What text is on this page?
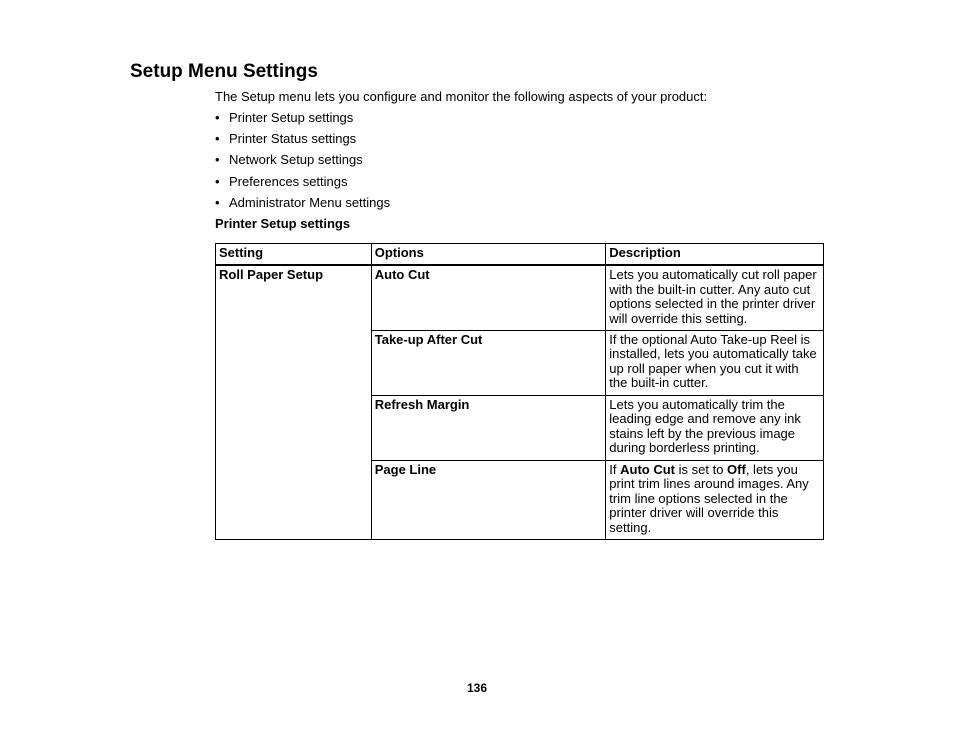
Setup Menu Settings
The Setup menu lets you configure and monitor the following aspects of your product:
• Printer Setup settings
• Printer Status settings
• Network Setup settings
• Preferences settings
• Administrator Menu settings
Printer Setup settings
Setting	Options	Description
Roll Paper Setup	Auto Cut	Lets you automatically cut roll paper with the built-in cutter. Any auto cut options selected in the printer driver will override this setting.
	Take-up After Cut	If the optional Auto Take-up Reel is installed, lets you automatically take up roll paper when you cut it with the built-in cutter.
	Refresh Margin	Lets you automatically trim the leading edge and remove any ink stains left by the previous image during borderless printing.
	Page Line	If Auto Cut is set to Off, lets you print trim lines around images. Any trim line options selected in the printer driver will override this setting.
136
